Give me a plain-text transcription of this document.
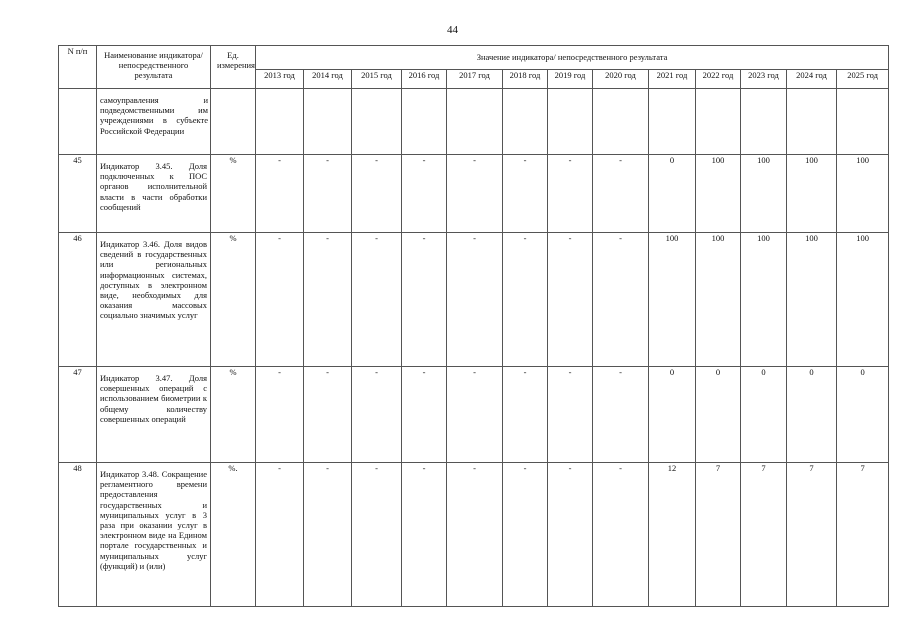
44
N п/п	Наименование индикатора/непосредственного результата	Ед. измерения	Значение индикатора/ непосредственного результата												
			2013 год	2014 год	2015 год	2016 год	2017 год	2018 год	2019 год	2020 год	2021 год	2022 год	2023 год	2024 год	2025 год

	самоуправления и подведомственными им учреждениями в субъекте Российской Федерации														

45	Индикатор 3.45. Доля подключенных к ПОС органов исполнительной власти в части обработки сообщений	%	-	-	-	-	-	-	-	-	0	100	100	100	100
46	Индикатор 3.46. Доля видов сведений в государственных или региональных информационных системах, доступных в электронном виде, необходимых для оказания массовых социально значимых услуг	%	-	-	-	-	-	-	-	-	100	100	100	100	100
47	Индикатор 3.47. Доля совершенных операций с использованием биометрии к общему количеству совершенных операций	%	-	-	-	-	-	-	-	-	0	0	0	0	0
48	Индикатор 3.48. Сокращение регламентного времени предоставления государственных и муниципальных услуг в 3 раза при оказании услуг в электронном виде на Едином портале государственных и муниципальных услуг (функций) и (или)	%.	-	-	-	-	-	-	-	-	12	7	7	7	7
